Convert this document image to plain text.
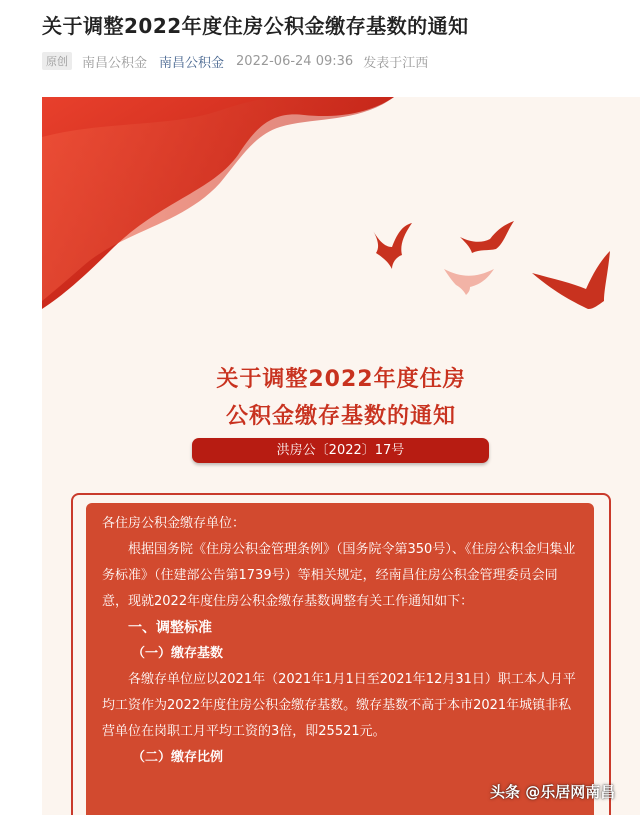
关于调整2022年度住房公积金缴存基数的通知
原创	南昌公积金 南昌公积金 2022-06-24 09:36 发表于江西
关于调整2022年度住房
公积金缴存基数的通知
洪房公〔2022〕17号

各住房公积金缴存单位：

根据国务院《住房公积金管理条例》（国务院令第350号）、《住房公积金归集业务标准》（住建部公告第1739号）等相关规定，经南昌住房公积金管理委员会同意，现就2022年度住房公积金缴存基数调整有关工作通知如下：

一、调整标准

（一）缴存基数

各缴存单位应以2021年（2021年1月1日至2021年12月31日）职工本人月平均工资作为2022年度住房公积金缴存基数。缴存基数不高于本市2021年城镇非私营单位在岗职工月平均工资的3倍，即25521元。

（二）缴存比例

头条 @乐居网南昌
